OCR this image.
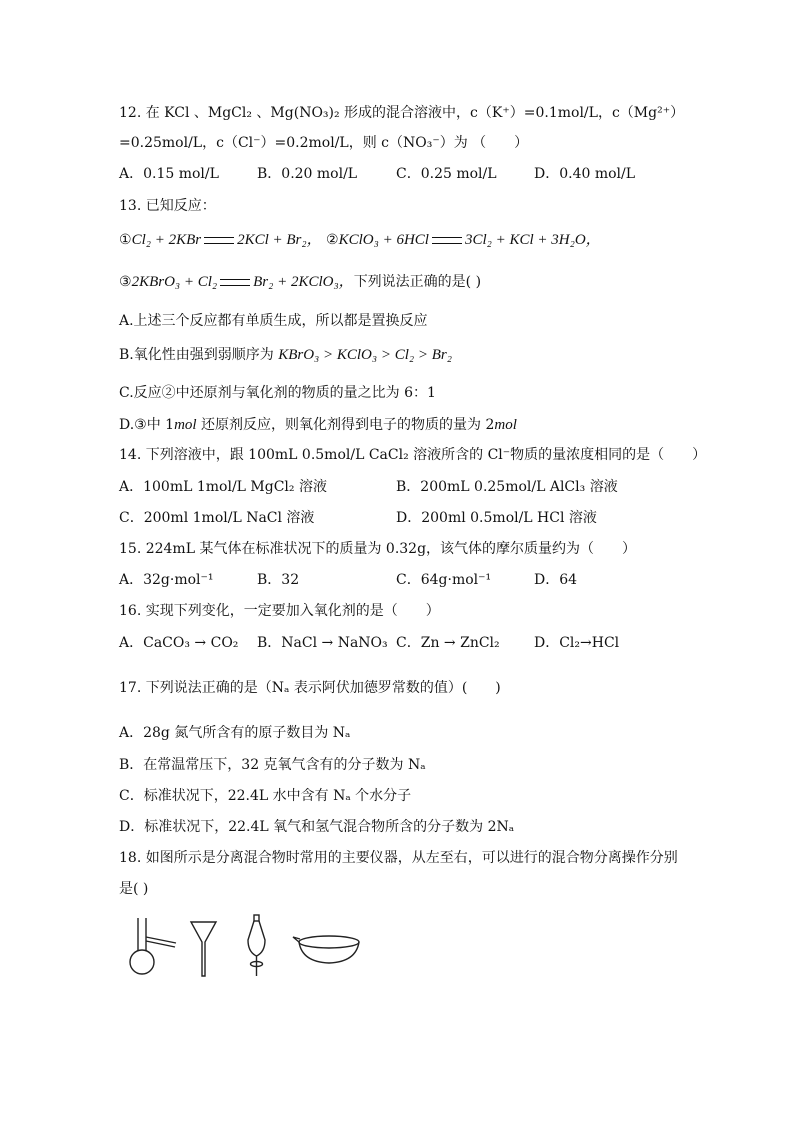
12. 在 KCl 、MgCl₂ 、Mg(NO₃)₂ 形成的混合溶液中，c（K⁺）=0.1mol/L，c（Mg²⁺）
=0.25mol/L，c（Cl⁻）=0.2mol/L，则 c（NO₃⁻）为 （　　）
A．0.15 mol/L	B．0.20 mol/L	C．0.25 mol/L	D．0.40 mol/L
13. 已知反应：
①Cl₂ + 2KBr 2KCl + Br₂， ②KClO₃ + 6HCl 3Cl₂ + KCl + 3H₂O，
③2KBrO₃ + Cl₂ Br₂ + 2KClO₃，下列说法正确的是( )
A.上述三个反应都有单质生成，所以都是置换反应
B.氧化性由强到弱顺序为 KBrO₃ > KClO₃ > Cl₂ > Br₂
C.反应②中还原剂与氧化剂的物质的量之比为 6：1
D.③中 1mol 还原剂反应，则氧化剂得到电子的物质的量为 2mol
14. 下列溶液中，跟 100mL 0.5mol/L CaCl₂ 溶液所含的 Cl⁻物质的量浓度相同的是（　　）
A．100mL 1mol/L MgCl₂ 溶液	B．200mL 0.25mol/L AlCl₃ 溶液
C．200ml 1mol/L NaCl 溶液	D．200ml 0.5mol/L HCl 溶液
15. 224mL 某气体在标准状况下的质量为 0.32g，该气体的摩尔质量约为（　　）
A．32g·mol⁻¹	B．32	C．64g·mol⁻¹	D．64
16. 实现下列变化，一定要加入氧化剂的是（　　）
A．CaCO₃ → CO₂ B．NaCl → NaNO₃ C．Zn → ZnCl₂ D．Cl₂→HCl
17. 下列说法正确的是（Nₐ 表示阿伏加德罗常数的值）(　　)
A．28g 氮气所含有的原子数目为 Nₐ
B．在常温常压下，32 克氧气含有的分子数为 Nₐ
C．标准状况下，22.4L 水中含有 Nₐ 个水分子
D．标准状况下，22.4L 氧气和氢气混合物所含的分子数为 2Nₐ
18. 如图所示是分离混合物时常用的主要仪器，从左至右，可以进行的混合物分离操作分别
是( )
